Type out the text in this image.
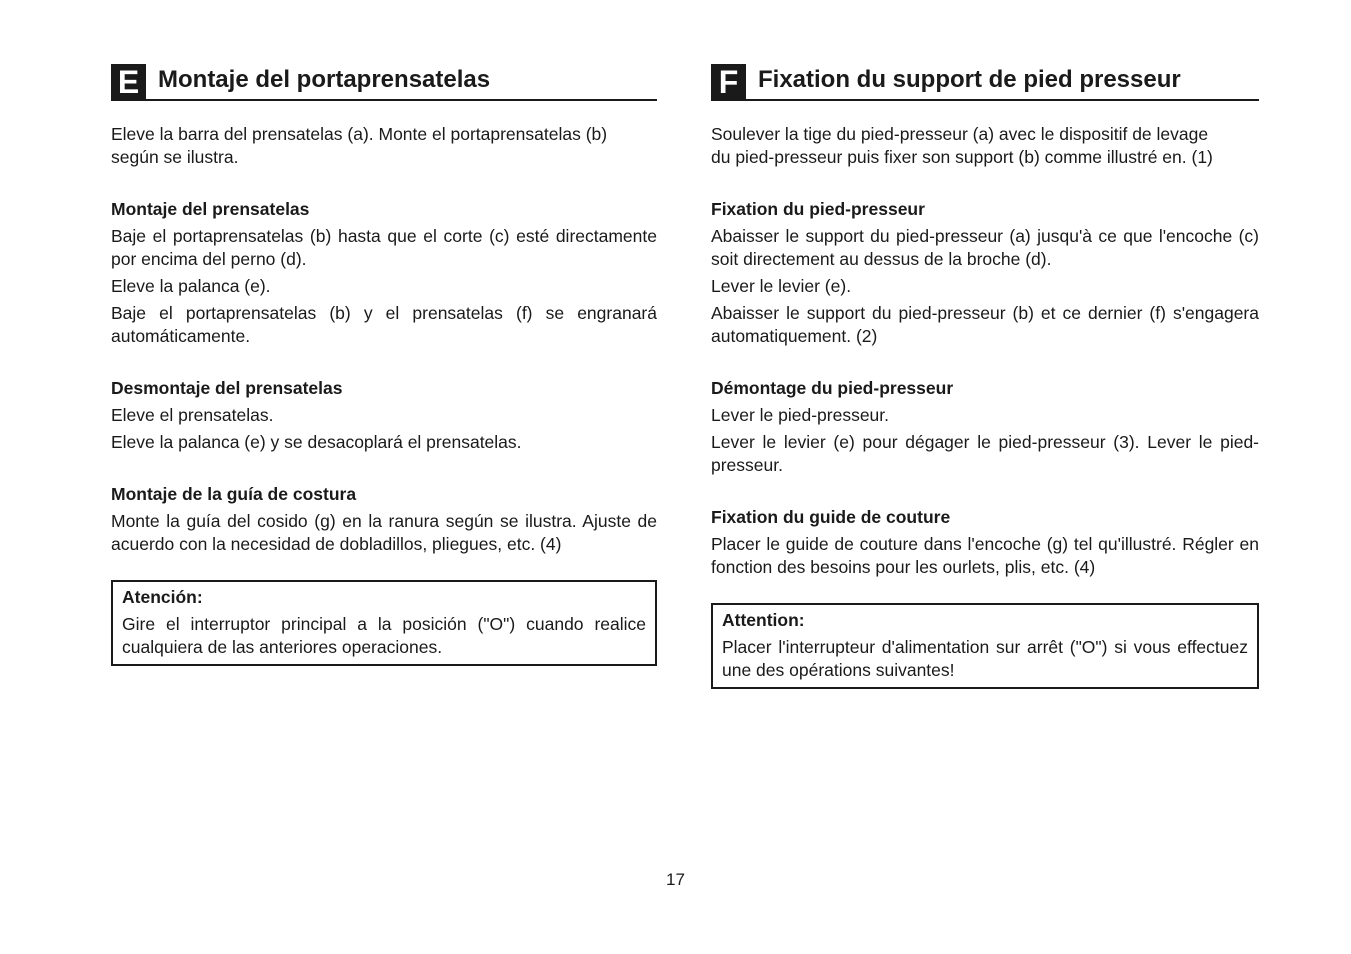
E Montaje del portaprensatelas

Eleve la barra del prensatelas (a). Monte el portaprensatelas (b)
según se ilustra.

Montaje del prensatelas

Baje el portaprensatelas (b) hasta que el corte (c) esté directamente por encima del perno (d).

Eleve la palanca (e).

Baje el portaprensatelas (b) y el prensatelas (f) se engranará automáticamente.

Desmontaje del prensatelas

Eleve el prensatelas.

Eleve la palanca (e) y se desacoplará el prensatelas.

Montaje de la guía de costura

Monte la guía del cosido (g) en la ranura según se ilustra. Ajuste de acuerdo con la necesidad de dobladillos, pliegues, etc. (4)

Atención:

Gire el interruptor principal a la posición ("O") cuando realice cualquiera de las anteriores operaciones.

F Fixation du support de pied presseur

Soulever la tige du pied-presseur (a) avec le dispositif de levage
du pied-presseur puis fixer son support (b) comme illustré en. (1)

Fixation du pied-presseur

Abaisser le support du pied-presseur (a) jusqu'à ce que l'encoche (c) soit directement au dessus de la broche (d).

Lever le levier (e).

Abaisser le support du pied-presseur (b) et ce dernier (f) s'engagera automatiquement. (2)

Démontage du pied-presseur

Lever le pied-presseur.

Lever le levier (e) pour dégager le pied-presseur (3). Lever le pied-presseur.

Fixation du guide de couture

Placer le guide de couture dans l'encoche (g) tel qu'illustré. Régler en fonction des besoins pour les ourlets, plis, etc. (4)

Attention:

Placer l'interrupteur d'alimentation sur arrêt ("O") si vous effectuez une des opérations suivantes!

17
